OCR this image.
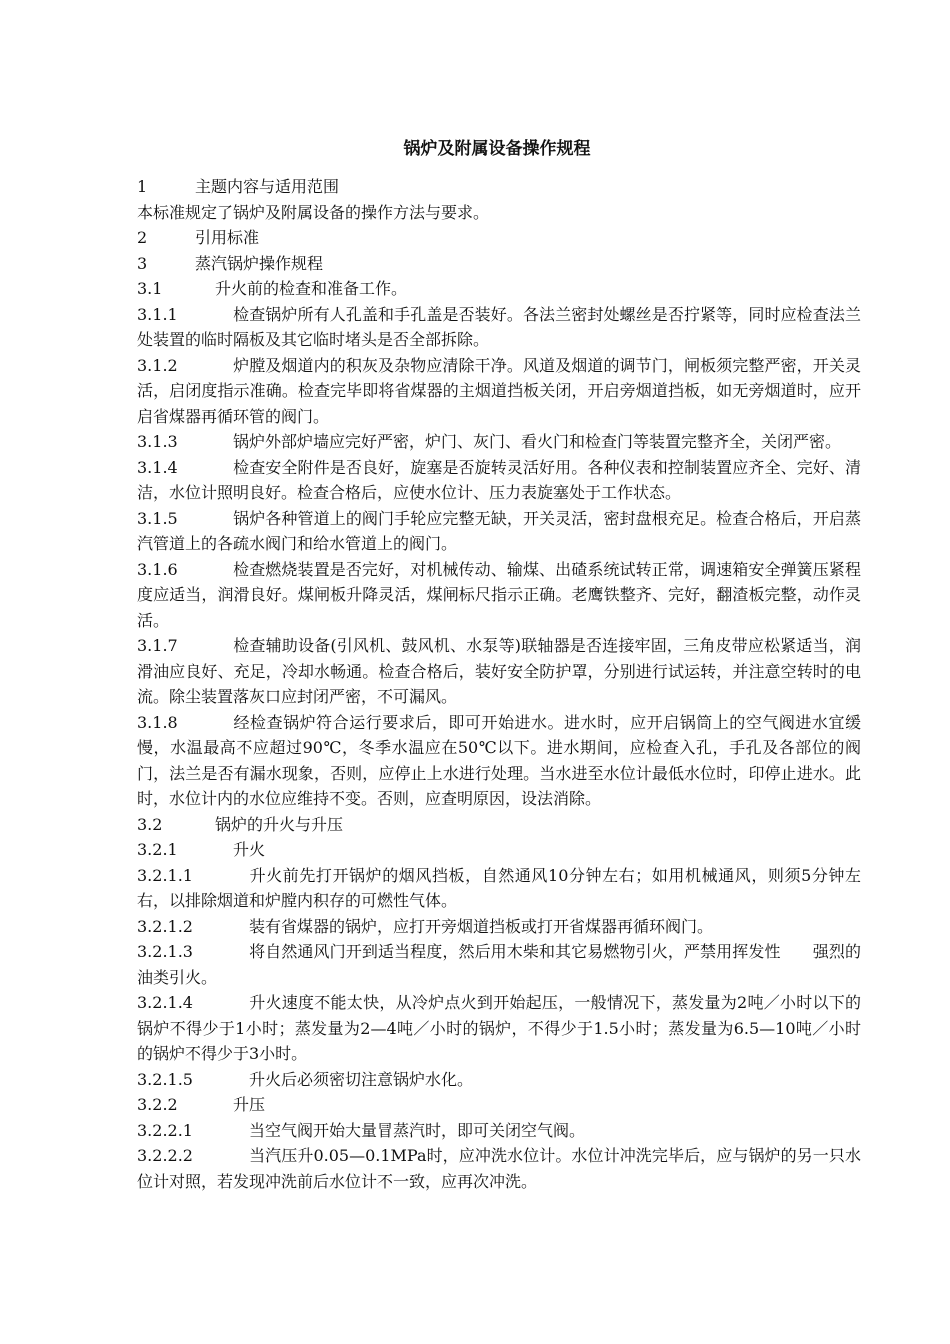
锅炉及附属设备操作规程

1	主题内容与适用范围

本标准规定了锅炉及附属设备的操作方法与要求。

2	引用标准

3	蒸汽锅炉操作规程

3.1	升火前的检查和准备工作。

3.1.1	检查锅炉所有人孔盖和手孔盖是否装好。各法兰密封处螺丝是否拧紧等，同时应检查法兰处装置的临时隔板及其它临时堵头是否全部拆除。

3.1.2	炉膛及烟道内的积灰及杂物应清除干净。风道及烟道的调节门，闸板须完整严密，开关灵活，启闭度指示准确。检查完毕即将省煤器的主烟道挡板关闭，开启旁烟道挡板，如无旁烟道时，应开启省煤器再循环管的阀门。

3.1.3	锅炉外部炉墙应完好严密，炉门、灰门、看火门和检查门等装置完整齐全，关闭严密。

3.1.4	检查安全附件是否良好，旋塞是否旋转灵活好用。各种仪表和控制装置应齐全、完好、清洁，水位计照明良好。检查合格后，应使水位计、压力表旋塞处于工作状态。

3.1.5	锅炉各种管道上的阀门手轮应完整无缺，开关灵活，密封盘根充足。检查合格后，开启蒸汽管道上的各疏水阀门和给水管道上的阀门。

3.1.6	检查燃烧装置是否完好，对机械传动、输煤、出碴系统试转正常，调速箱安全弹簧压紧程度应适当，润滑良好。煤闸板升降灵活，煤闸标尺指示正确。老鹰铁整齐、完好，翻渣板完整，动作灵活。

3.1.7	检查辅助设备(引风机、鼓风机、水泵等)联轴器是否连接牢固，三角皮带应松紧适当，润滑油应良好、充足，冷却水畅通。检查合格后，装好安全防护罩，分别进行试运转，并注意空转时的电流。除尘装置落灰口应封闭严密，不可漏风。

3.1.8	经检查锅炉符合运行要求后，即可开始进水。进水时，应开启锅筒上的空气阀进水宜缓慢，水温最高不应超过90℃，冬季水温应在50℃以下。进水期间，应检查入孔，手孔及各部位的阀门，法兰是否有漏水现象，否则，应停止上水进行处理。当水进至水位计最低水位时，印停止进水。此时，水位计内的水位应维持不变。否则，应查明原因，设法消除。

3.2	锅炉的升火与升压

3.2.1	升火

3.2.1.1	升火前先打开锅炉的烟风挡板，自然通风10分钟左右；如用机械通风，则须5分钟左右，以排除烟道和炉膛内积存的可燃性气体。

3.2.1.2	装有省煤器的锅炉，应打开旁烟道挡板或打开省煤器再循环阀门。

3.2.1.3	将自然通风门开到适当程度，然后用木柴和其它易燃物引火，严禁用挥发性　　强烈的油类引火。

3.2.1.4	升火速度不能太快，从冷炉点火到开始起压，一般情况下，蒸发量为2吨／小时以下的锅炉不得少于1小时；蒸发量为2—4吨／小时的锅炉，不得少于1.5小时；蒸发量为6.5—10吨／小时的锅炉不得少于3小时。

3.2.1.5	升火后必须密切注意锅炉水化。

3.2.2	升压

3.2.2.1	当空气阀开始大量冒蒸汽时，即可关闭空气阀。

3.2.2.2	当汽压升0.05—0.1MPa时，应冲洗水位计。水位计冲洗完毕后，应与锅炉的另一只水位计对照，若发现冲洗前后水位计不一致，应再次冲洗。
